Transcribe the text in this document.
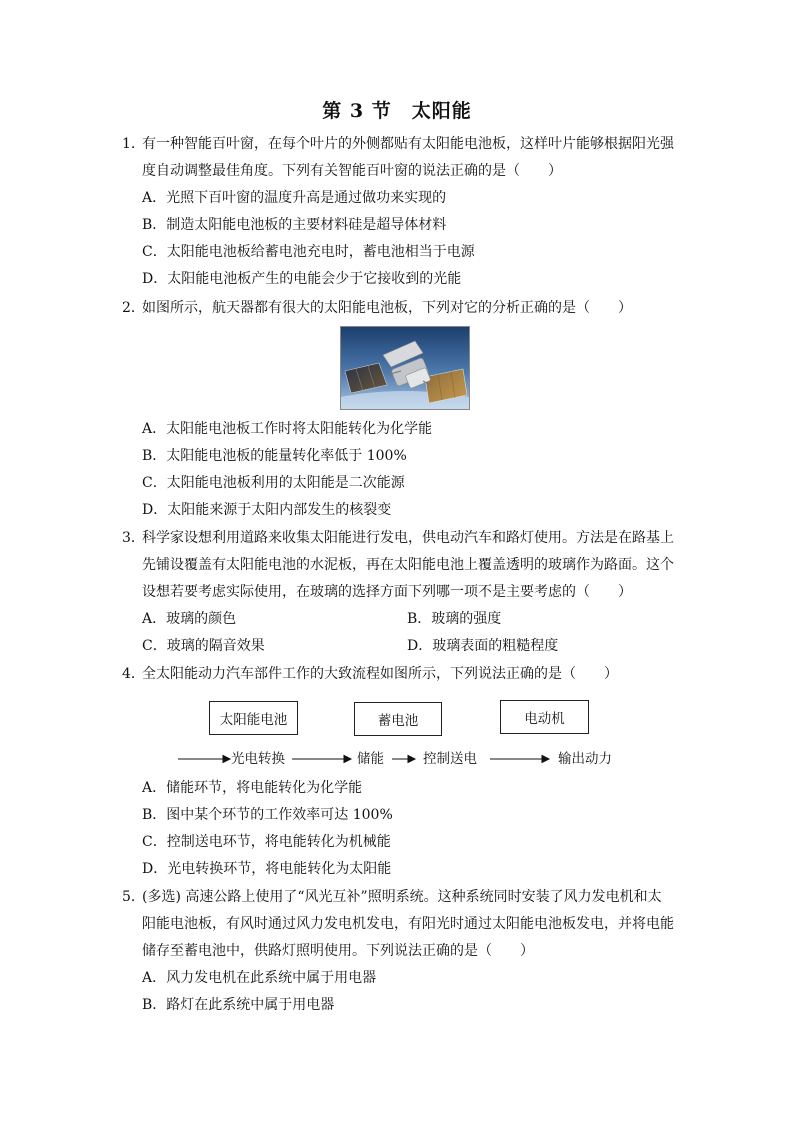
第 3 节　太阳能
1．
有一种智能百叶窗，在每个叶片的外侧都贴有太阳能电池板，这样叶片能够根据阳光强
度自动调整最佳角度。下列有关智能百叶窗的说法正确的是（　　）
A．光照下百叶窗的温度升高是通过做功来实现的
B．制造太阳能电池板的主要材料硅是超导体材料
C．太阳能电池板给蓄电池充电时，蓄电池相当于电源
D．太阳能电池板产生的电能会少于它接收到的光能
2．
如图所示，航天器都有很大的太阳能电池板，下列对它的分析正确的是（　　）
A．太阳能电池板工作时将太阳能转化为化学能
B．太阳能电池板的能量转化率低于 100%
C．太阳能电池板利用的太阳能是二次能源
D．太阳能来源于太阳内部发生的核裂变
3．
科学家设想利用道路来收集太阳能进行发电，供电动汽车和路灯使用。方法是在路基上
先铺设覆盖有太阳能电池的水泥板，再在太阳能电池上覆盖透明的玻璃作为路面。这个
设想若要考虑实际使用，在玻璃的选择方面下列哪一项不是主要考虑的（　　）
A．玻璃的颜色	B．玻璃的强度
C．玻璃的隔音效果	D．玻璃表面的粗糙程度
4．
全太阳能动力汽车部件工作的大致流程如图所示，下列说法正确的是（　　）
太阳能电池	蓄电池	电动机
光电转换	储能	控制送电	输出动力
A．储能环节，将电能转化为化学能
B．图中某个环节的工作效率可达 100%
C．控制送电环节，将电能转化为机械能
D．光电转换环节，将电能转化为太阳能
5．
(多选) 高速公路上使用了“风光互补”照明系统。这种系统同时安装了风力发电机和太
阳能电池板，有风时通过风力发电机发电，有阳光时通过太阳能电池板发电，并将电能
储存至蓄电池中，供路灯照明使用。下列说法正确的是（　　）
A．风力发电机在此系统中属于用电器
B．路灯在此系统中属于用电器
